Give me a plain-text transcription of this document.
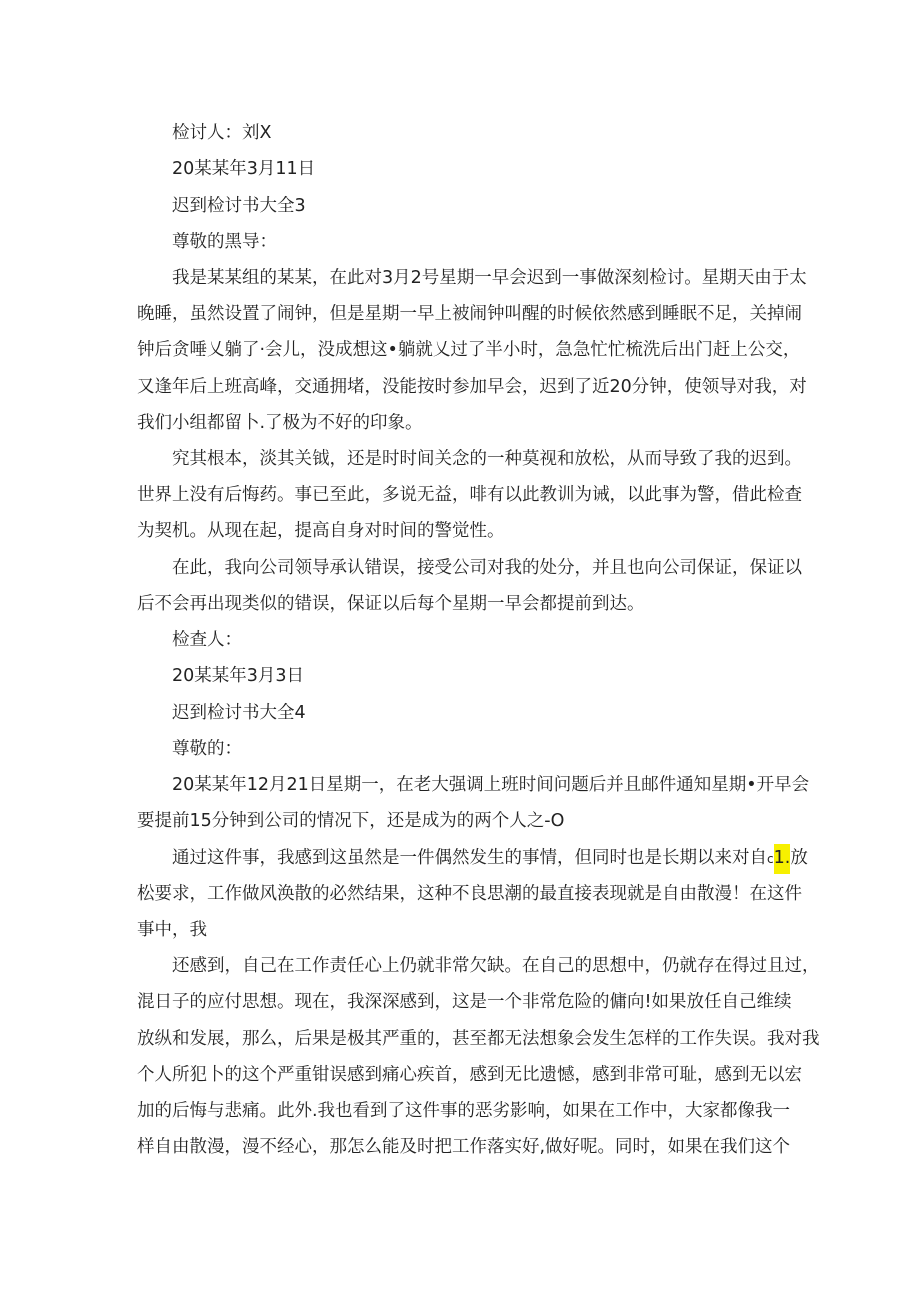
检讨人：刘X
20某某年3月11日
迟到检讨书大全3
尊敬的黑导：
我是某某组的某某，在此对3月2号星期一早会迟到一事做深刻检讨。星期天由于太
晚睡，虽然设置了闹钟，但是星期一早上被闹钟叫醒的时候依然感到睡眠不足，关掉闹
钟后贪唾乂躺了·会儿，没成想这•躺就乂过了半小时，急急忙忙梳洗后出门赶上公交，
又逢年后上班高峰，交通拥堵，没能按时参加早会，迟到了近20分钟，使领导对我，对
我们小组都留卜.了极为不好的印象。
究其根本，淡其关钺，还是时时间关念的一种莫视和放松，从而导致了我的迟到。
世界上没有后悔药。事已至此，多说无益，啡有以此教训为诫，以此事为警，借此检查
为契机。从现在起，提高自身对时间的警觉性。
在此，我向公司领导承认错误，接受公司对我的处分，并且也向公司保证，保证以
后不会再出现类似的错误，保证以后每个星期一早会都提前到达。
检查人：
20某某年3月3日
迟到检讨书大全4
尊敬的：
20某某年12月21日星期一，在老大强调上班时间问题后并且邮件通知星期•开早会
要提前15分钟到公司的情况下，还是成为的两个人之-O
通过这件事，我感到这虽然是一件偶然发生的事情，但同时也是长期以来对自c1.放
松要求，工作做风涣散的必然结果，这种不良思潮的最直接表现就是自由散漫！在这件
事中，我
还感到，自己在工作责任心上仍就非常欠缺。在自己的思想中，仍就存在得过且过，
混日子的应付思想。现在，我深深感到，这是一个非常危险的傭向!如果放任自己维续
放纵和发展，那么，后果是极其严重的，甚至都无法想象会发生怎样的工作失误。我对我
个人所犯卜的这个严重钳误感到痛心疾首，感到无比遗憾，感到非常可耻，感到无以宏
加的后悔与悲痛。此外.我也看到了这件事的恶劣影响，如果在工作中，大家都像我一
样自由散漫，漫不经心，那怎么能及时把工作落实好,做好呢。同时，如果在我们这个
